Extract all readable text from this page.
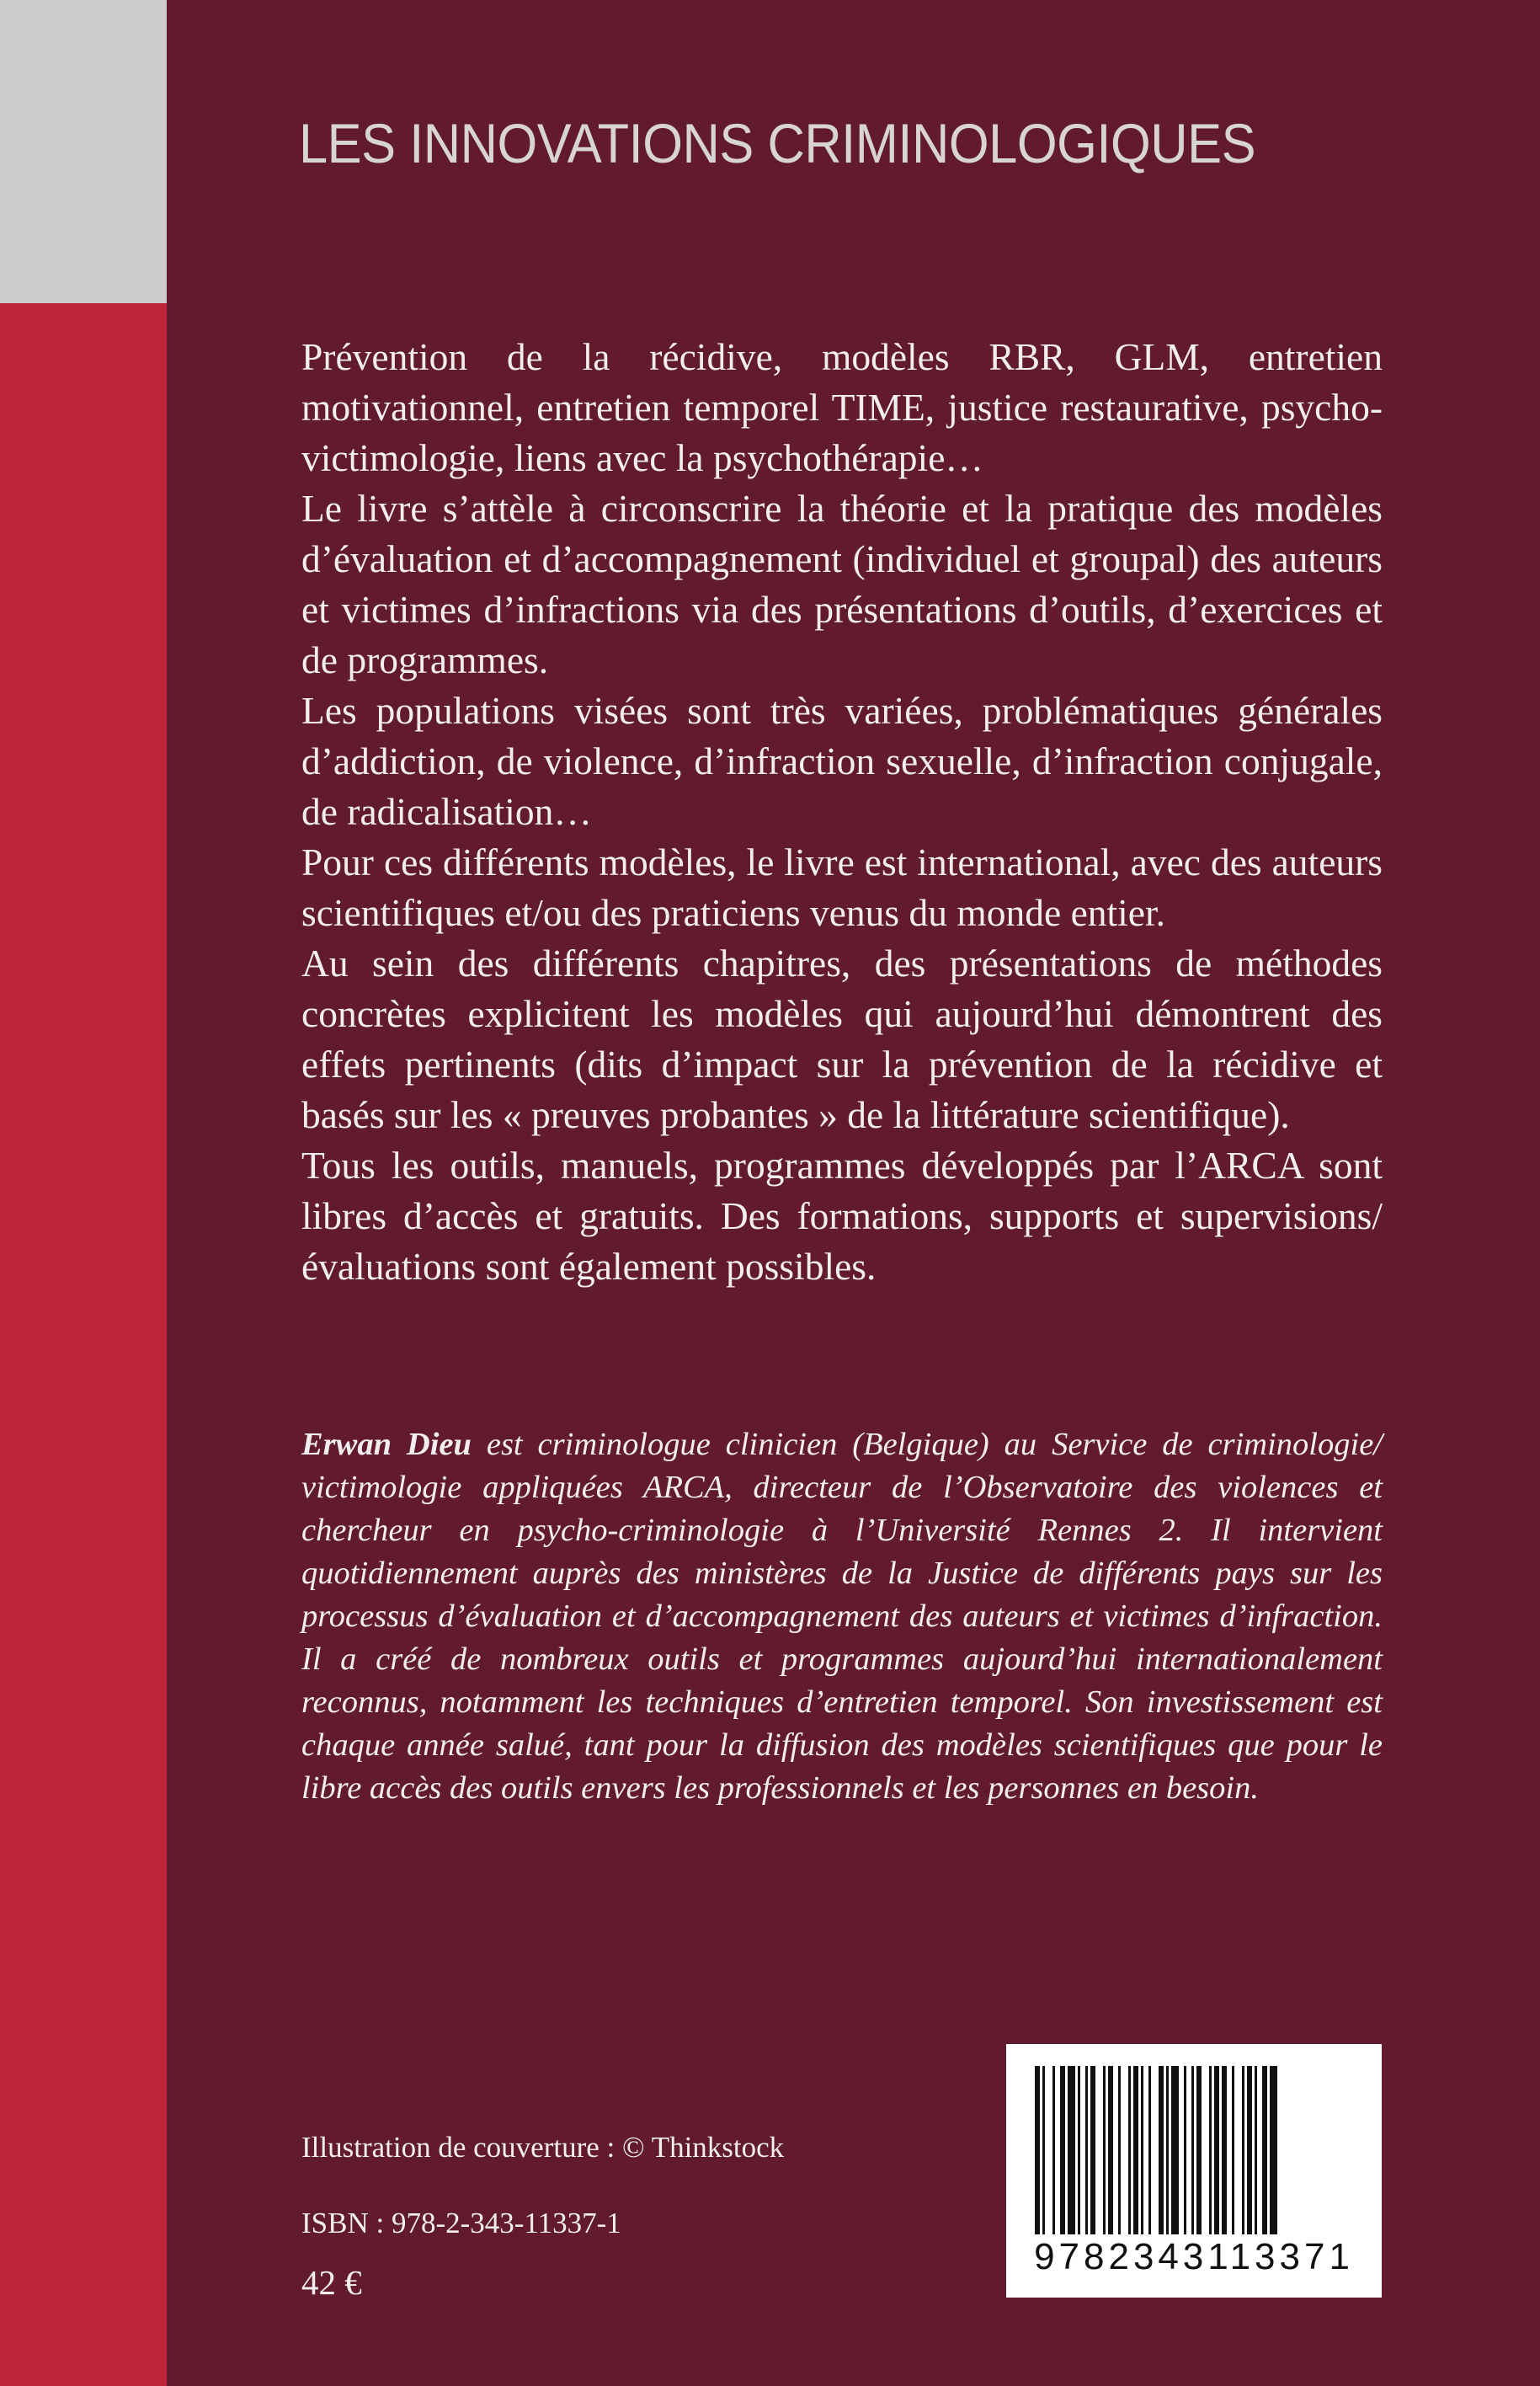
LES INNOVATIONS CRIMINOLOGIQUES

Prévention de la récidive, modèles RBR, GLM, entretien motivationnel, entretien temporel TIME, justice restaurative, psycho-victimologie, liens avec la psychothérapie…

Le livre s’attèle à circonscrire la théorie et la pratique des modèles d’évaluation et d’accompagnement (individuel et groupal) des auteurs et victimes d’infractions via des présentations d’outils, d’exercices et de programmes.

Les populations visées sont très variées, problématiques générales d’addiction, de violence, d’infraction sexuelle, d’infraction conjugale, de radicalisation…

Pour ces différents modèles, le livre est international, avec des auteurs scientifiques et/ou des praticiens venus du monde entier.

Au sein des différents chapitres, des présentations de méthodes concrètes explicitent les modèles qui aujourd’hui démontrent des effets pertinents (dits d’impact sur la prévention de la récidive et basés sur les « preuves probantes » de la littérature scientifique).

Tous les outils, manuels, programmes développés par l’ARCA sont libres d’accès et gratuits. Des formations, supports et supervisions/ évaluations sont également possibles.

Erwan Dieu est criminologue clinicien (Belgique) au Service de criminologie/ victimologie appliquées ARCA, directeur de l’Observatoire des violences et chercheur en psycho-criminologie à l’Université Rennes 2. Il intervient quotidiennement auprès des ministères de la Justice de différents pays sur les processus d’évaluation et d’accompagnement des auteurs et victimes d’infraction. Il a créé de nombreux outils et programmes aujourd’hui internationalement reconnus, notamment les techniques d’entretien temporel. Son investissement est chaque année salué, tant pour la diffusion des modèles scientifiques que pour le libre accès des outils envers les professionnels et les personnes en besoin.

Illustration de couverture : © Thinkstock
ISBN : 978-2-343-11337-1
42 €
9782343113371
